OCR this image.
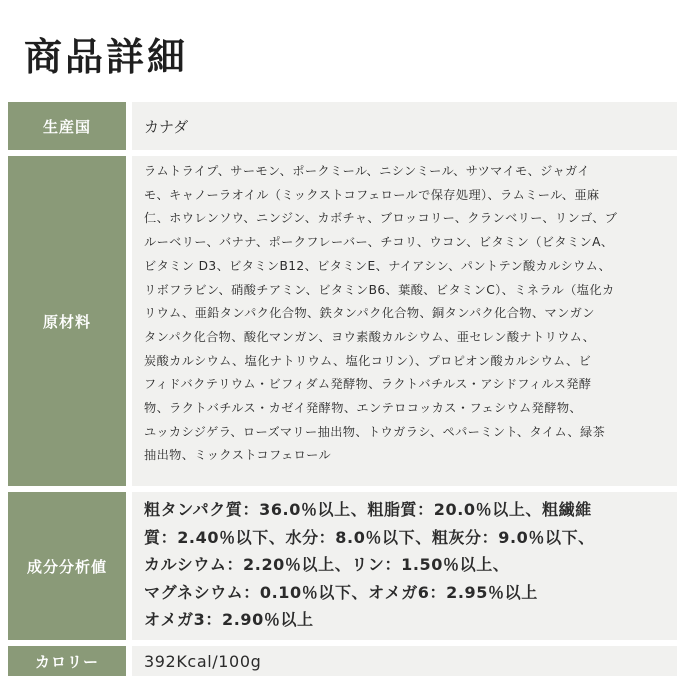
商品詳細
生産国	カナダ
原材料
ラムトライプ、サーモン、ポークミール、ニシンミール、サツマイモ、ジャガイ
モ、キャノーラオイル（ミックストコフェロールで保存処理）、ラムミール、亜麻
仁、ホウレンソウ、ニンジン、カボチャ、ブロッコリー、クランベリー、リンゴ、ブ
ルーベリー、バナナ、ポークフレーバー、チコリ、ウコン、ビタミン（ビタミンA、
ビタミン D3、ビタミンB12、ビタミンE、ナイアシン、パントテン酸カルシウム、
リボフラビン、硝酸チアミン、ビタミンB6、葉酸、ビタミンC）、ミネラル（塩化カ
リウム、亜鉛タンパク化合物、鉄タンパク化合物、銅タンパク化合物、マンガン
タンパク化合物、酸化マンガン、ヨウ素酸カルシウム、亜セレン酸ナトリウム、
炭酸カルシウム、塩化ナトリウム、塩化コリン）、プロピオン酸カルシウム、ビ
フィドバクテリウム・ビフィダム発酵物、ラクトバチルス・アシドフィルス発酵
物、ラクトバチルス・カゼイ発酵物、エンテロコッカス・フェシウム発酵物、
ユッカシジゲラ、ローズマリー抽出物、トウガラシ、ペパーミント、タイム、緑茶
抽出物、ミックストコフェロール
成分分析値
粗タンパク質：36.0％以上、粗脂質：20.0％以上、粗繊維
質：2.40％以下、水分：8.0％以下、粗灰分：9.0％以下、
カルシウム：2.20％以上、リン：1.50％以上、
マグネシウム：0.10％以下、オメガ6：2.95％以上
オメガ3：2.90％以上
カロリー	392Kcal/100g
